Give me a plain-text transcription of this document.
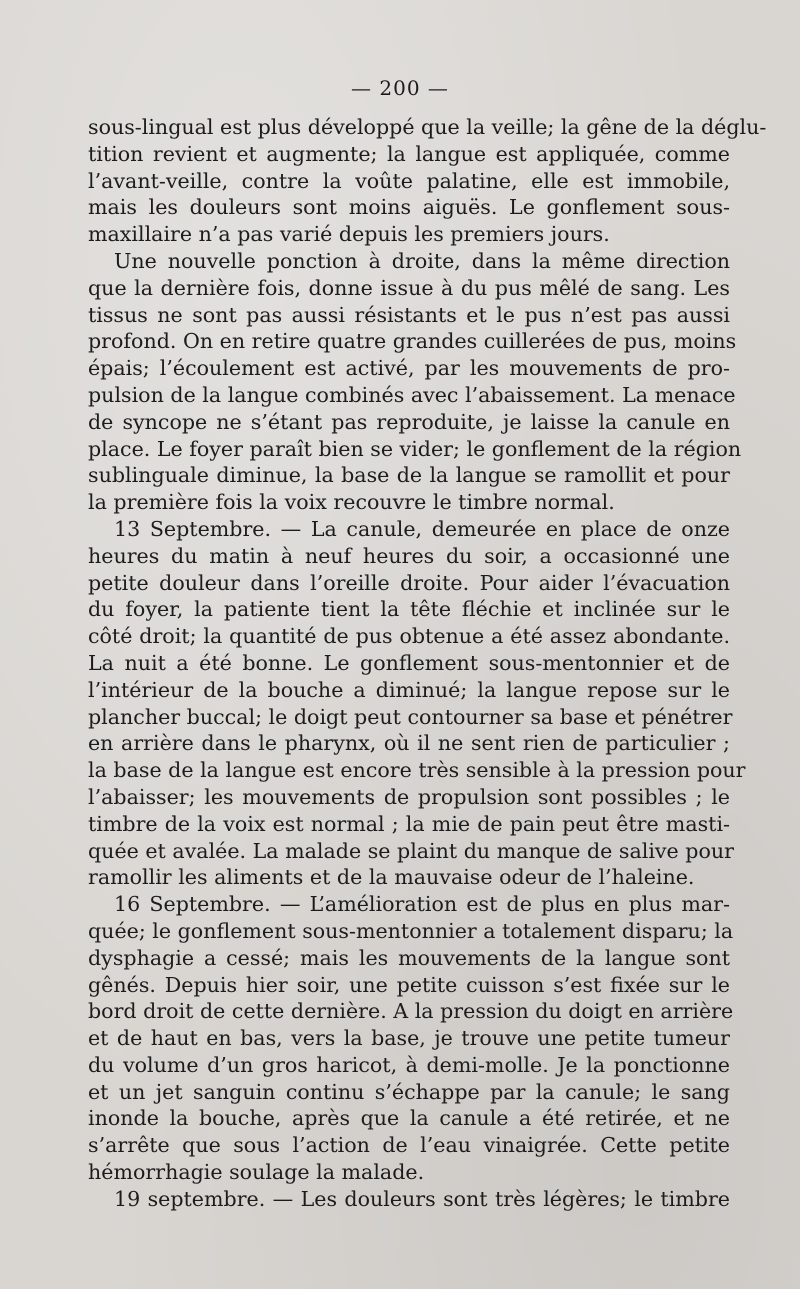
— 200 —
sous-lingual est plus développé que la veille; la gêne de la déglu-
tition revient et augmente; la langue est appliquée, comme
l’avant-veille, contre la voûte palatine, elle est immobile,
mais les douleurs sont moins aiguës. Le gonflement sous-
maxillaire n’a pas varié depuis les premiers jours.
Une nouvelle ponction à droite, dans la même direction
que la dernière fois, donne issue à du pus mêlé de sang. Les
tissus ne sont pas aussi résistants et le pus n’est pas aussi
profond. On en retire quatre grandes cuillerées de pus, moins
épais; l’écoulement est activé, par les mouvements de pro-
pulsion de la langue combinés avec l’abaissement. La menace
de syncope ne s’étant pas reproduite, je laisse la canule en
place. Le foyer paraît bien se vider; le gonflement de la région
sublinguale diminue, la base de la langue se ramollit et pour
la première fois la voix recouvre le timbre normal.
13 Septembre. — La canule, demeurée en place de onze
heures du matin à neuf heures du soir, a occasionné une
petite douleur dans l’oreille droite. Pour aider l’évacuation
du foyer, la patiente tient la tête fléchie et inclinée sur le
côté droit; la quantité de pus obtenue a été assez abondante.
La nuit a été bonne. Le gonflement sous-mentonnier et de
l’intérieur de la bouche a diminué; la langue repose sur le
plancher buccal; le doigt peut contourner sa base et pénétrer
en arrière dans le pharynx, où il ne sent rien de particulier ;
la base de la langue est encore très sensible à la pression pour
l’abaisser; les mouvements de propulsion sont possibles ; le
timbre de la voix est normal ; la mie de pain peut être masti-
quée et avalée. La malade se plaint du manque de salive pour
ramollir les aliments et de la mauvaise odeur de l’haleine.
16 Septembre. — L’amélioration est de plus en plus mar-
quée; le gonflement sous-mentonnier a totalement disparu; la
dysphagie a cessé; mais les mouvements de la langue sont
gênés. Depuis hier soir, une petite cuisson s’est fixée sur le
bord droit de cette dernière. A la pression du doigt en arrière
et de haut en bas, vers la base, je trouve une petite tumeur
du volume d’un gros haricot, à demi-molle. Je la ponctionne
et un jet sanguin continu s’échappe par la canule; le sang
inonde la bouche, après que la canule a été retirée, et ne
s’arrête que sous l’action de l’eau vinaigrée. Cette petite
hémorrhagie soulage la malade.
19 septembre. — Les douleurs sont très légères; le timbre
